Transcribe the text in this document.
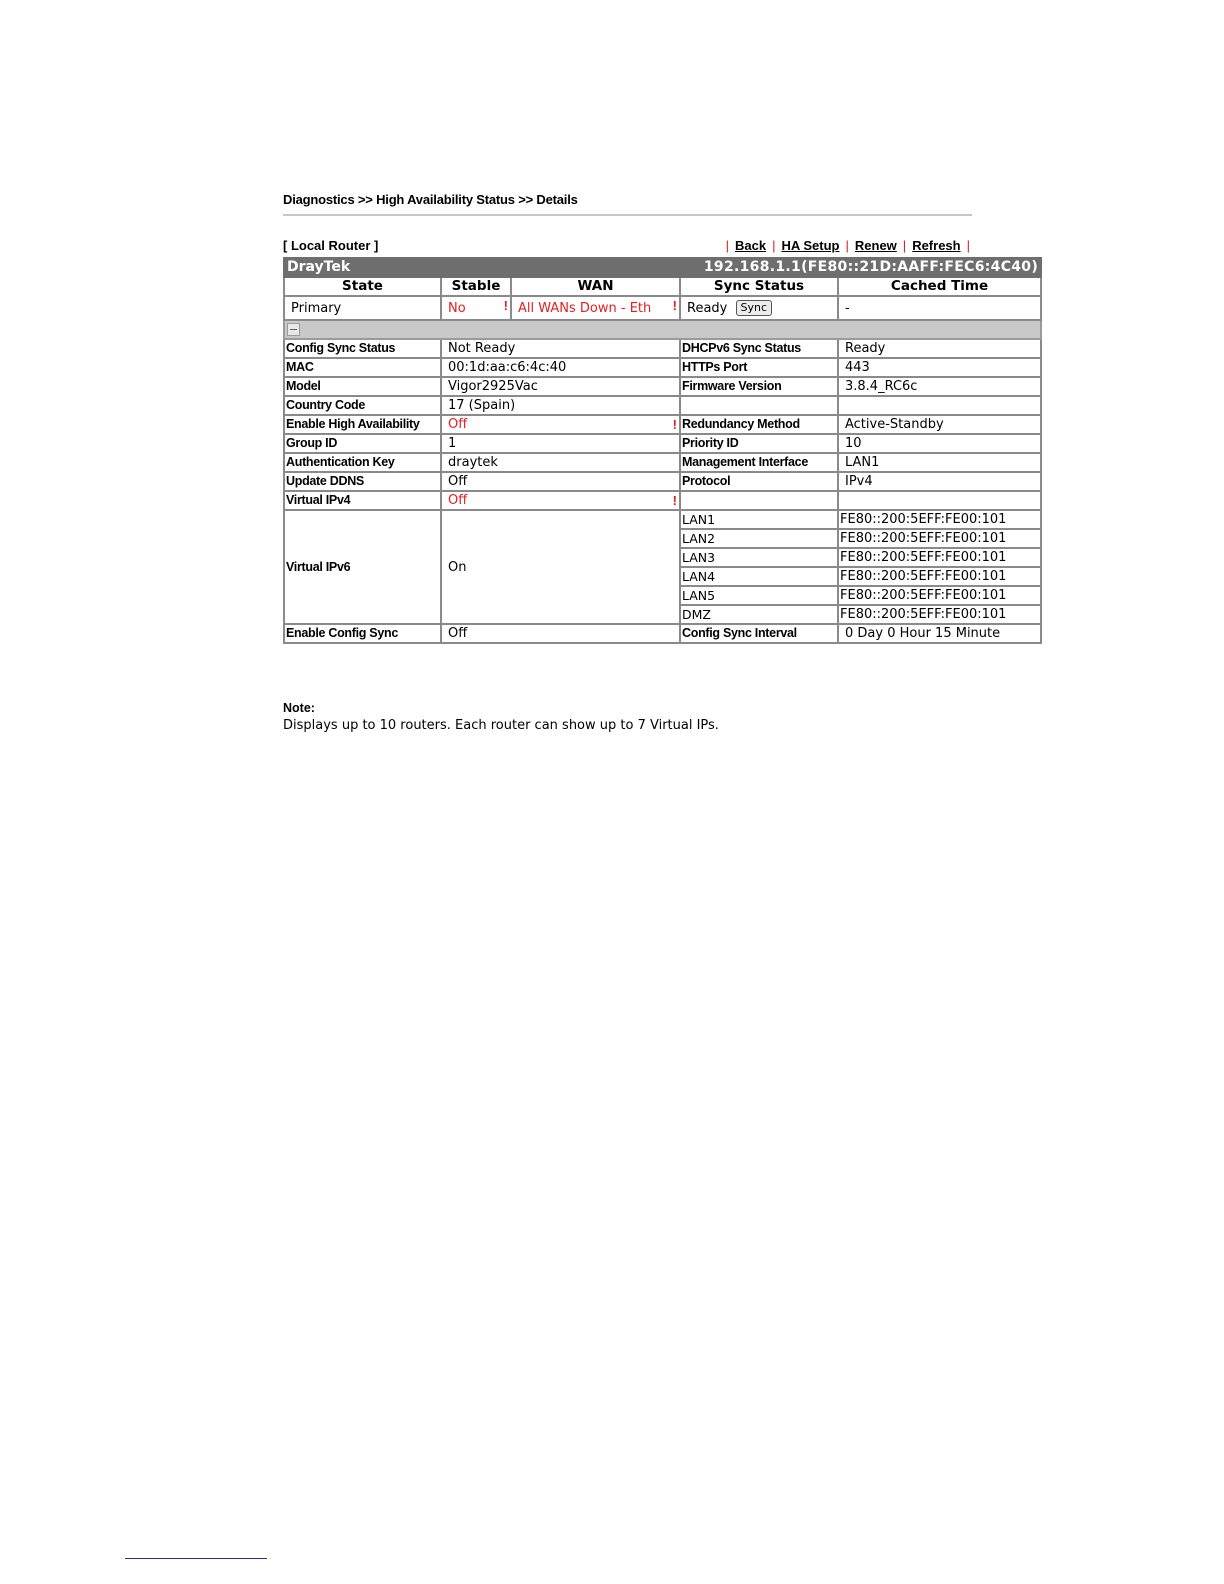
Diagnostics >> High Availability Status >> Details
[ Local Router ]	| Back | HA Setup | Renew | Refresh |
DrayTek 192.168.1.1(FE80::21D:AAFF:FEC6:4C40)				

State	Stable	WAN	Sync Status	Cached Time
Primary	No !	All WANs Down - Eth !	Ready Sync	-

Config Sync Status	Not Ready		DHCPv6 Sync Status	Ready
MAC	00:1d:aa:c6:4c:40		HTTPs Port	443
Model	Vigor2925Vac		Firmware Version	3.8.4_RC6c
Country Code	17 (Spain)			
Enable High Availability	Off !		Redundancy Method	Active-Standby
Group ID	1		Priority ID	10
Authentication Key	draytek		Management Interface	LAN1
Update DDNS	Off		Protocol	IPv4
Virtual IPv4	Off !			

Virtual IPv6	On		LAN1	FE80::200:5EFF:FE00:101
			LAN2	FE80::200:5EFF:FE00:101
			LAN3	FE80::200:5EFF:FE00:101
			LAN4	FE80::200:5EFF:FE00:101
			LAN5	FE80::200:5EFF:FE00:101
			DMZ	FE80::200:5EFF:FE00:101
Enable Config Sync	Off		Config Sync Interval	0 Day 0 Hour 15 Minute
Note:
Displays up to 10 routers. Each router can show up to 7 Virtual IPs.
